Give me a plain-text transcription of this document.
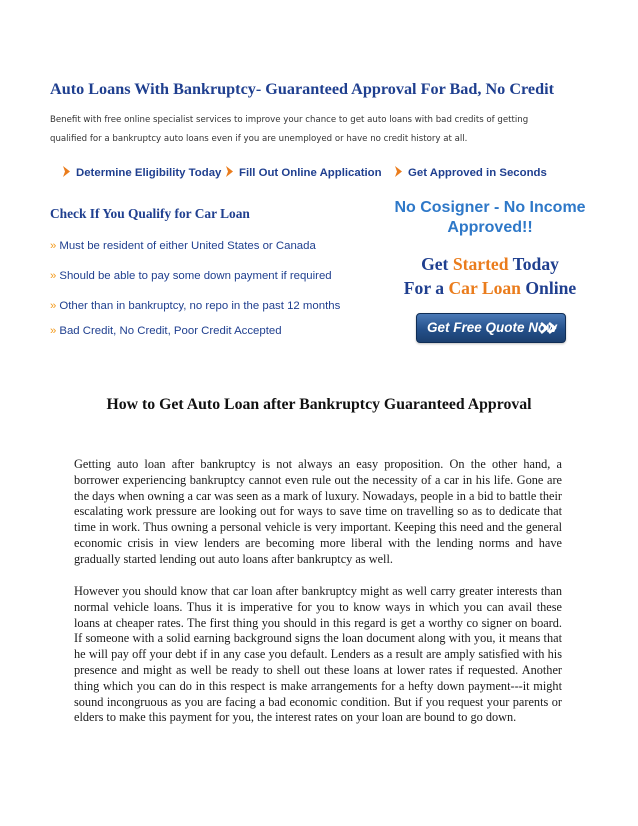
Auto Loans With Bankruptcy- Guaranteed Approval For Bad, No Credit
Benefit with free online specialist services to improve your chance to get auto loans with bad credits of getting
qualified for a bankruptcy auto loans even if you are unemployed or have no credit history at all.
Determine Eligibility Today	Fill Out Online Application	Get Approved in Seconds
Check If You Qualify for Car Loan
» Must be resident of either United States or Canada
» Should be able to pay some down payment if required
» Other than in bankruptcy, no repo in the past 12 months
» Bad Credit, No Credit, Poor Credit Accepted
No Cosigner - No Income
Approved!!
Get Started Today
For a Car Loan Online
Get Free Quote Now
How to Get Auto Loan after Bankruptcy Guaranteed Approval

Getting auto loan after bankruptcy is not always an easy proposition. On the other hand, a borrower experiencing bankruptcy cannot even rule out the necessity of a car in his life. Gone are the days when owning a car was seen as a mark of luxury. Nowadays, people in a bid to battle their escalating work pressure are looking out for ways to save time on travelling so as to dedicate that time in work. Thus owning a personal vehicle is very important. Keeping this need and the general economic crisis in view lenders are becoming more liberal with the lending norms and have gradually started lending out auto loans after bankruptcy as well.

However you should know that car loan after bankruptcy might as well carry greater interests than normal vehicle loans. Thus it is imperative for you to know ways in which you can avail these loans at cheaper rates. The first thing you should in this regard is get a worthy co signer on board. If someone with a solid earning background signs the loan document along with you, it means that he will pay off your debt if in any case you default. Lenders as a result are amply satisfied with his presence and might as well be ready to shell out these loans at lower rates if requested. Another thing which you can do in this respect is make arrangements for a hefty down payment---it might sound incongruous as you are facing a bad economic condition. But if you request your parents or elders to make this payment for you, the interest rates on your loan are bound to go down.
